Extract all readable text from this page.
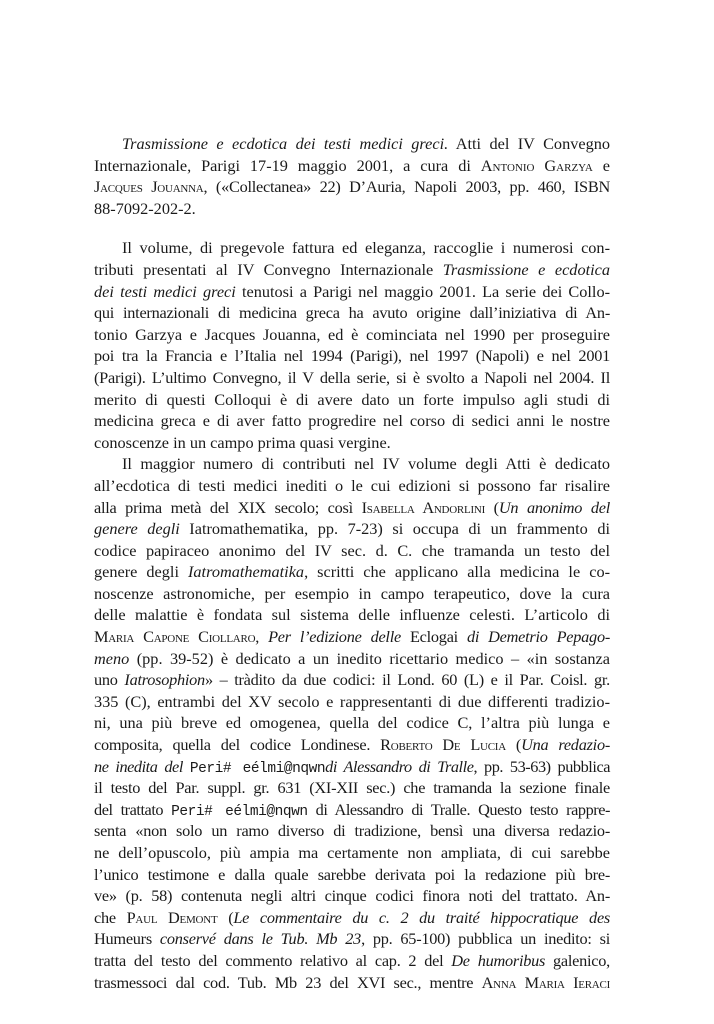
Trasmissione e ecdotica dei testi medici greci. Atti del IV Convegno
Internazionale, Parigi 17-19 maggio 2001, a cura di Antonio Garzya e
Jacques Jouanna, («Collectanea» 22) D’Auria, Napoli 2003, pp. 460, ISBN
88-7092-202-2.
Il volume, di pregevole fattura ed eleganza, raccoglie i numerosi con-
tributi presentati al IV Convegno Internazionale Trasmissione e ecdotica
dei testi medici greci tenutosi a Parigi nel maggio 2001. La serie dei Collo-
qui internazionali di medicina greca ha avuto origine dall’iniziativa di An-
tonio Garzya e Jacques Jouanna, ed è cominciata nel 1990 per proseguire
poi tra la Francia e l’Italia nel 1994 (Parigi), nel 1997 (Napoli) e nel 2001
(Parigi). L’ultimo Convegno, il V della serie, si è svolto a Napoli nel 2004. Il
merito di questi Colloqui è di avere dato un forte impulso agli studi di
medicina greca e di aver fatto progredire nel corso di sedici anni le nostre
conoscenze in un campo prima quasi vergine.
Il maggior numero di contributi nel IV volume degli Atti è dedicato
all’ecdotica di testi medici inediti o le cui edizioni si possono far risalire
alla prima metà del XIX secolo; così Isabella Andorlini (Un anonimo del
genere degli Iatromathematika, pp. 7-23) si occupa di un frammento di
codice papiraceo anonimo del IV sec. d. C. che tramanda un testo del
genere degli Iatromathematika, scritti che applicano alla medicina le co-
noscenze astronomiche, per esempio in campo terapeutico, dove la cura
delle malattie è fondata sul sistema delle influenze celesti. L’articolo di
Maria Capone Ciollaro, Per l’edizione delle Eclogai di Demetrio Pepago-
meno (pp. 39-52) è dedicato a un inedito ricettario medico – «in sostanza
uno Iatrosophion» – tràdito da due codici: il Lond. 60 (L) e il Par. Coisl. gr.
335 (C), entrambi del XV secolo e rappresentanti di due differenti tradizio-
ni, una più breve ed omogenea, quella del codice C, l’altra più lunga e
composita, quella del codice Londinese. Roberto De Lucia (Una redazio-
ne inedita del Peri# eélmi@nqwndi Alessandro di Tralle, pp. 53-63) pubblica
il testo del Par. suppl. gr. 631 (XI-XII sec.) che tramanda la sezione finale
del trattato Peri# eélmi@nqwn di Alessandro di Tralle. Questo testo rappre-
senta «non solo un ramo diverso di tradizione, bensì una diversa redazio-
ne dell’opuscolo, più ampia ma certamente non ampliata, di cui sarebbe
l’unico testimone e dalla quale sarebbe derivata poi la redazione più bre-
ve» (p. 58) contenuta negli altri cinque codici finora noti del trattato. An-
che Paul Demont (Le commentaire du c. 2 du traité hippocratique des
Humeurs conservé dans le Tub. Mb 23, pp. 65-100) pubblica un inedito: si
tratta del testo del commento relativo al cap. 2 del De humoribus galenico,
trasmessoci dal cod. Tub. Mb 23 del XVI sec., mentre Anna Maria Ieraci
